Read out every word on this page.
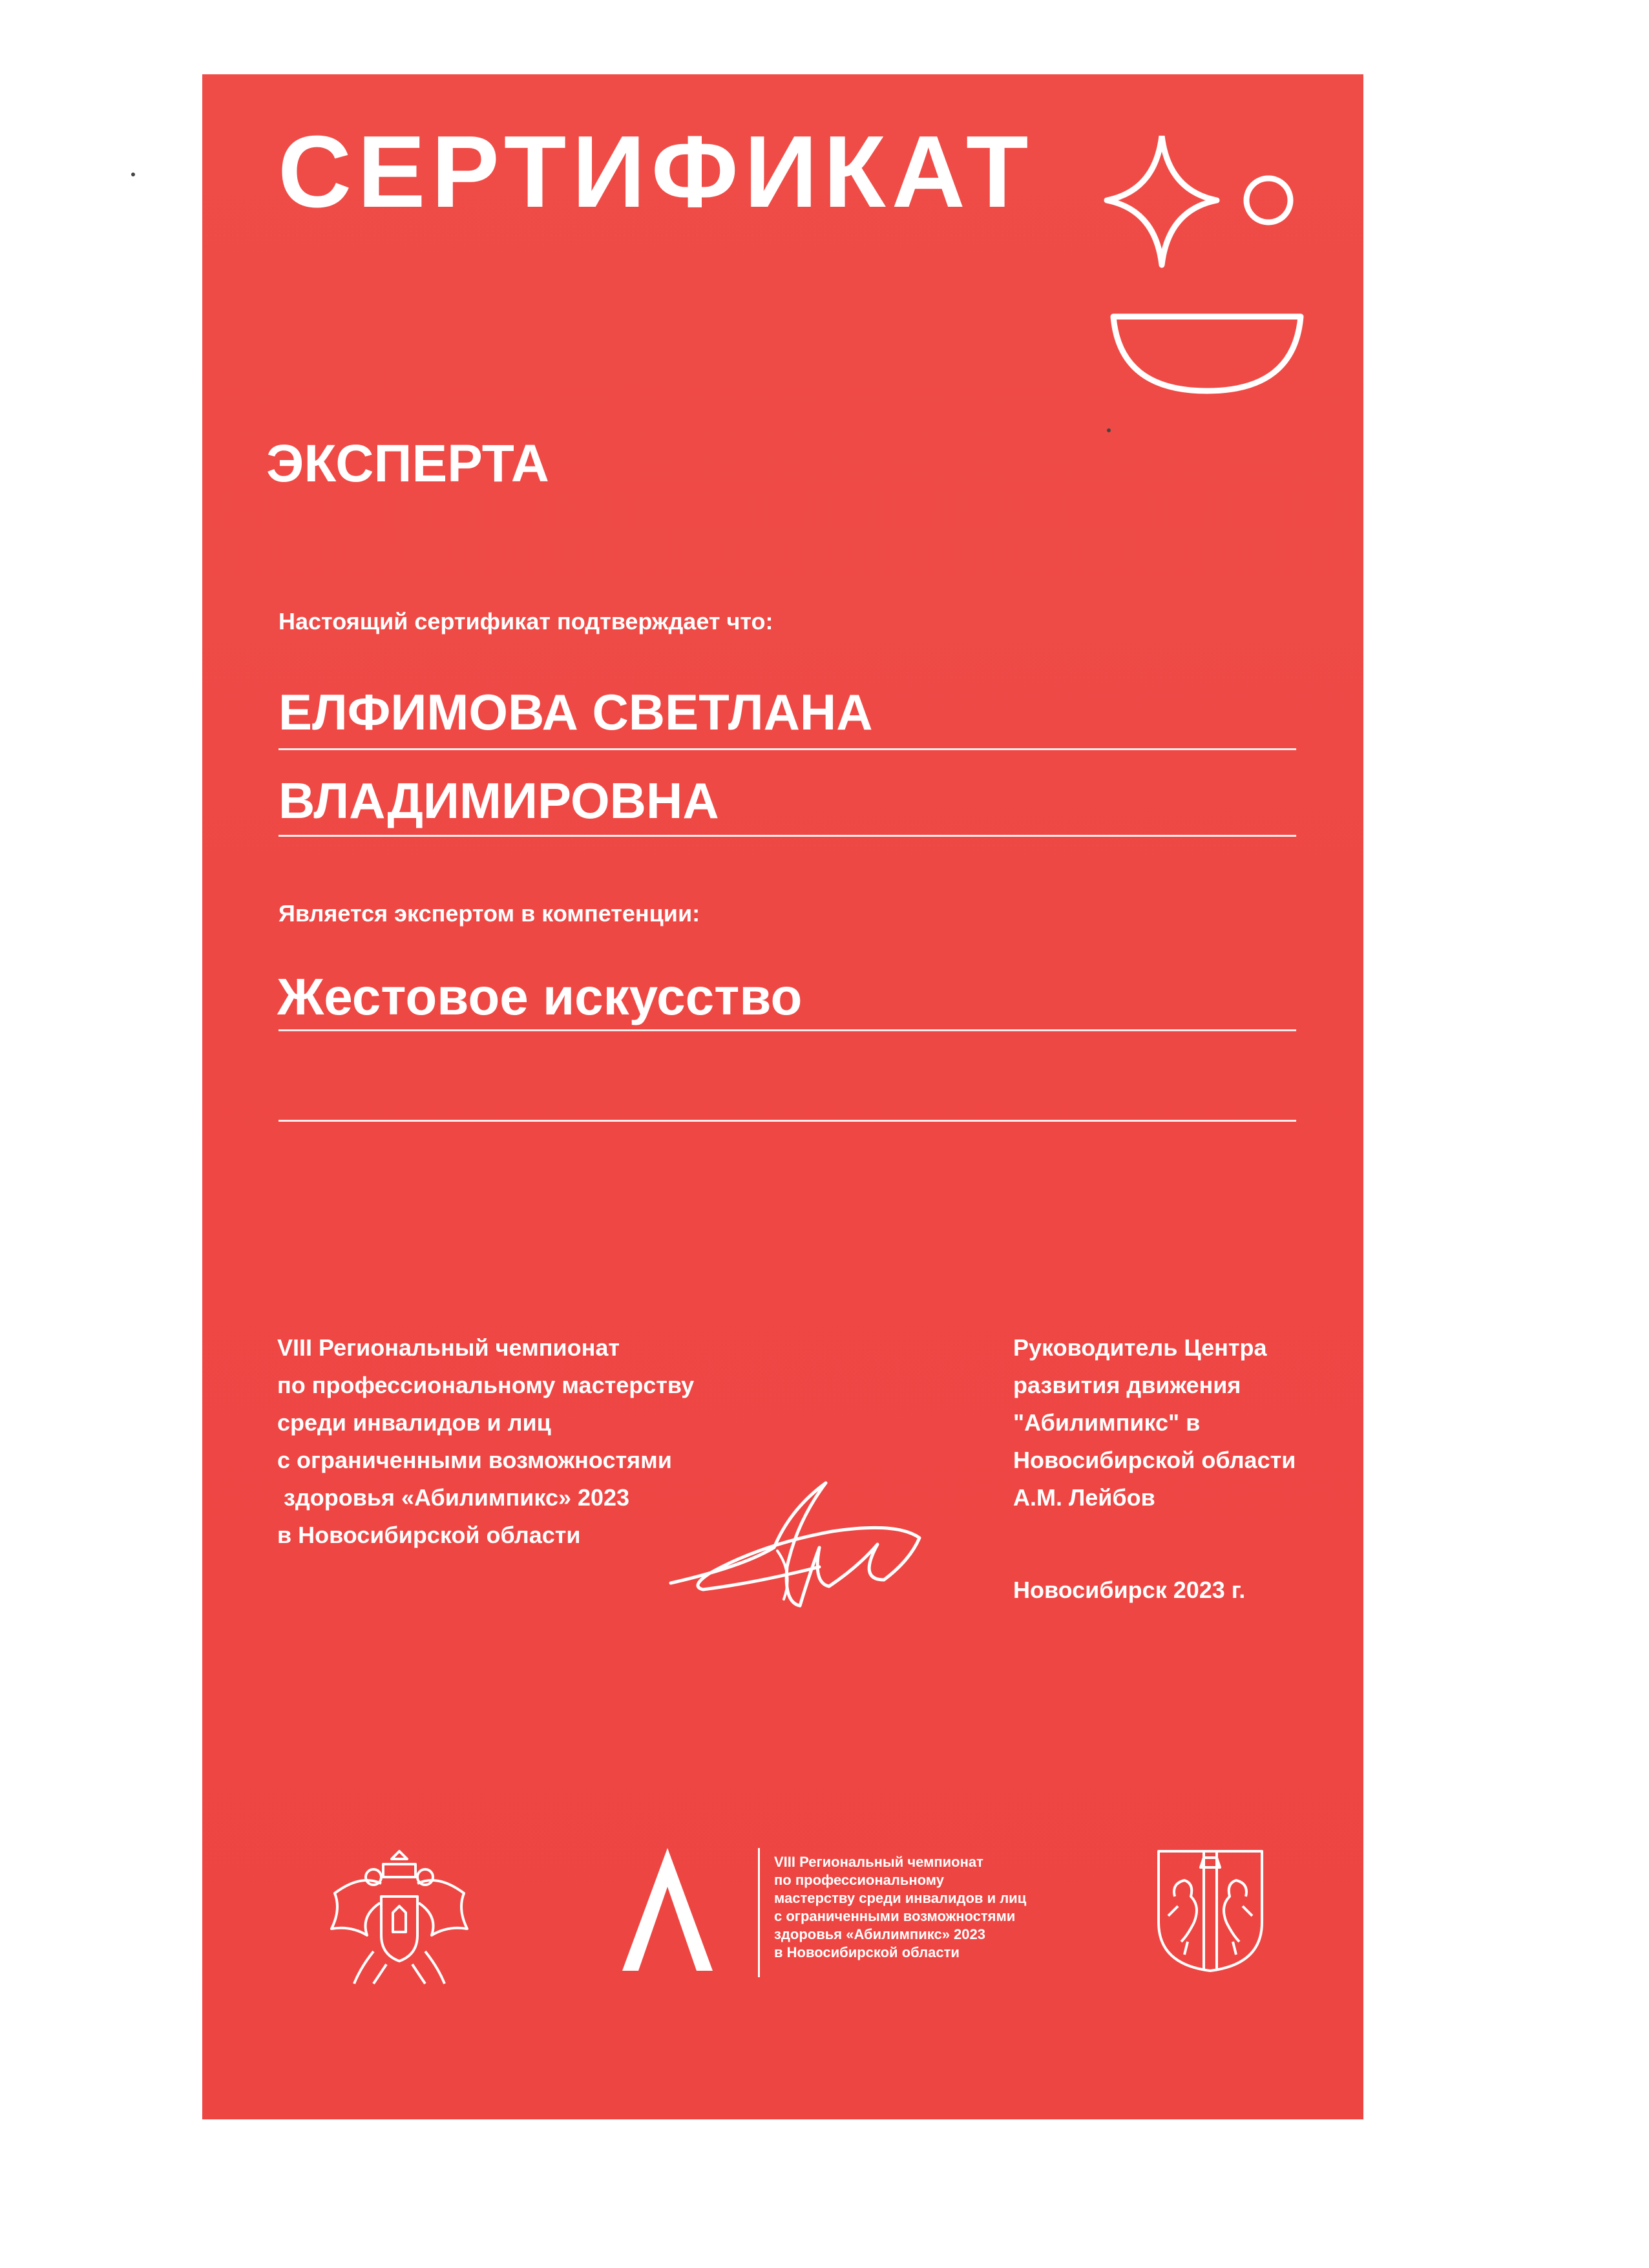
СЕРТИФИКАТ
ЭКСПЕРТА
Настоящий сертификат подтверждает что:
ЕЛФИМОВА СВЕТЛАНА
ВЛАДИМИРОВНА
Является экспертом в компетенции:
Жестовое искусство
VIII Региональный чемпионат
по профессиональному мастерству
среди инвалидов и лиц
с ограниченными возможностями
здоровья «Абилимпикс» 2023
в Новосибирской области
Руководитель Центра
развития движения
"Абилимпикс" в
Новосибирской области
А.М. Лейбов
Новосибирск 2023 г.
VIII Региональный чемпионат
по профессиональному
мастерству среди инвалидов и лиц
с ограниченными возможностями
здоровья «Абилимпикс» 2023
в Новосибирской области
